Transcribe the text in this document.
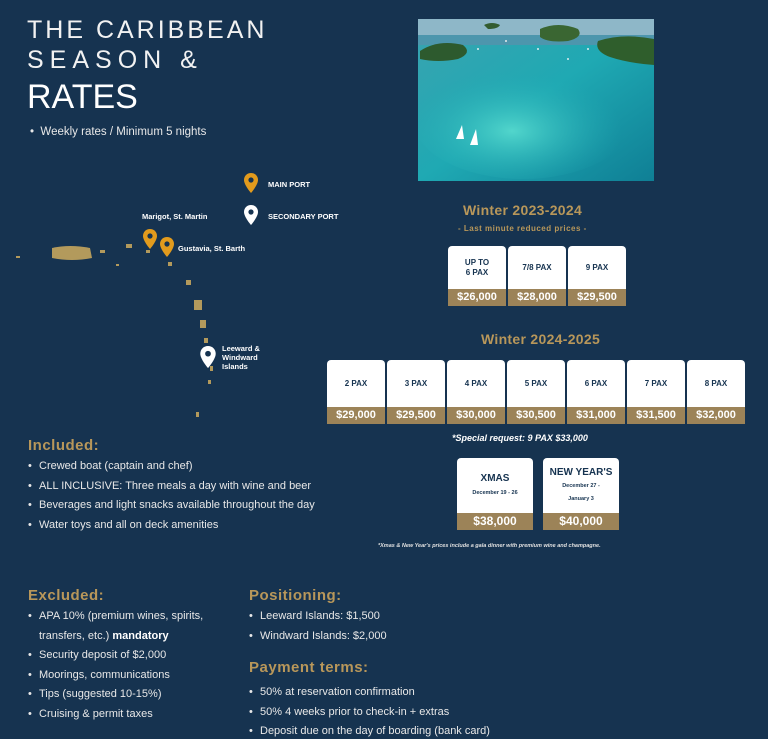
THE CARIBBEAN
SEASON &
RATES
•  Weekly rates / Minimum 5 nights
MAIN PORT
SECONDARY PORT
Marigot, St. Martin
Gustavia, St. Barth
Leeward &
Windward
Islands
Winter 2023-2024
- Last minute reduced prices -
UP TO
6 PAX
$26,000
7/8 PAX
$28,000
9 PAX
$29,500
Winter 2024-2025
2 PAX
$29,000
3 PAX
$29,500
4 PAX
$30,000
5 PAX
$30,500
6 PAX
$31,000
7 PAX
$31,500
8 PAX
$32,000
*Special request: 9 PAX $33,000
XMAS
December 19 - 26
$38,000
NEW YEAR'S
December 27 -
January 3
$40,000
*Xmas & New Year's prices include a gala dinner with premium wine and champagne.
Included:
• Crewed boat (captain and chef)
• ALL INCLUSIVE: Three meals a day with wine and beer
• Beverages and light snacks available throughout the day
• Water toys and all on deck amenities
Excluded:
• APA 10% (premium wines, spirits,
transfers, etc.) mandatory
• Security deposit of $2,000
• Moorings, communications
• Tips (suggested 10-15%)
• Cruising & permit taxes
Positioning:
• Leeward Islands: $1,500
• Windward Islands: $2,000
Payment terms:
• 50% at reservation confirmation
• 50% 4 weeks prior to check-in + extras
• Deposit due on the day of boarding (bank card)
